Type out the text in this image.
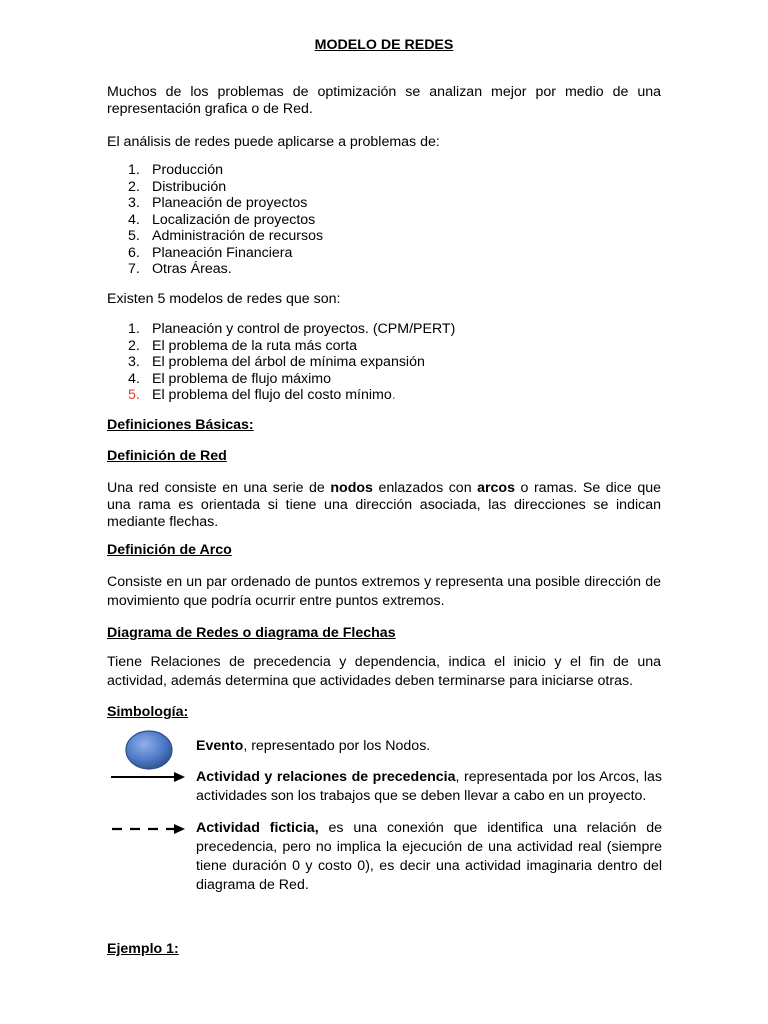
MODELO DE REDES
Muchos de los problemas de optimización se analizan mejor por medio de una representación grafica o de Red.
El análisis de redes puede aplicarse a problemas de:
1. Producción
2. Distribución
3. Planeación de proyectos
4. Localización de proyectos
5. Administración de recursos
6. Planeación Financiera
7. Otras Áreas.
Existen 5 modelos de redes que son:
1. Planeación y control de proyectos. (CPM/PERT)
2. El problema de la ruta más corta
3. El problema del árbol de mínima expansión
4. El problema de flujo máximo
5. El problema del flujo del costo mínimo.
Definiciones Básicas:
Definición de Red
Una red consiste en una serie de nodos enlazados con arcos o ramas. Se dice que una rama es orientada si tiene una dirección asociada, las direcciones se indican mediante flechas.
Definición de Arco
Consiste en un par ordenado de puntos extremos y representa una posible dirección de movimiento que podría ocurrir entre puntos extremos.
Diagrama de Redes o diagrama de Flechas
Tiene Relaciones de precedencia y dependencia, indica el inicio y el fin de una actividad, además determina que actividades deben terminarse para iniciarse otras.
Simbología:
Evento, representado por los Nodos.
Actividad y relaciones de precedencia, representada por los Arcos, las actividades son los trabajos que se deben llevar a cabo en un proyecto.
Actividad ficticia, es una conexión que identifica una relación de precedencia, pero no implica la ejecución de una actividad real (siempre tiene duración 0 y costo 0), es decir una actividad imaginaria dentro del diagrama de Red.
Ejemplo 1:
